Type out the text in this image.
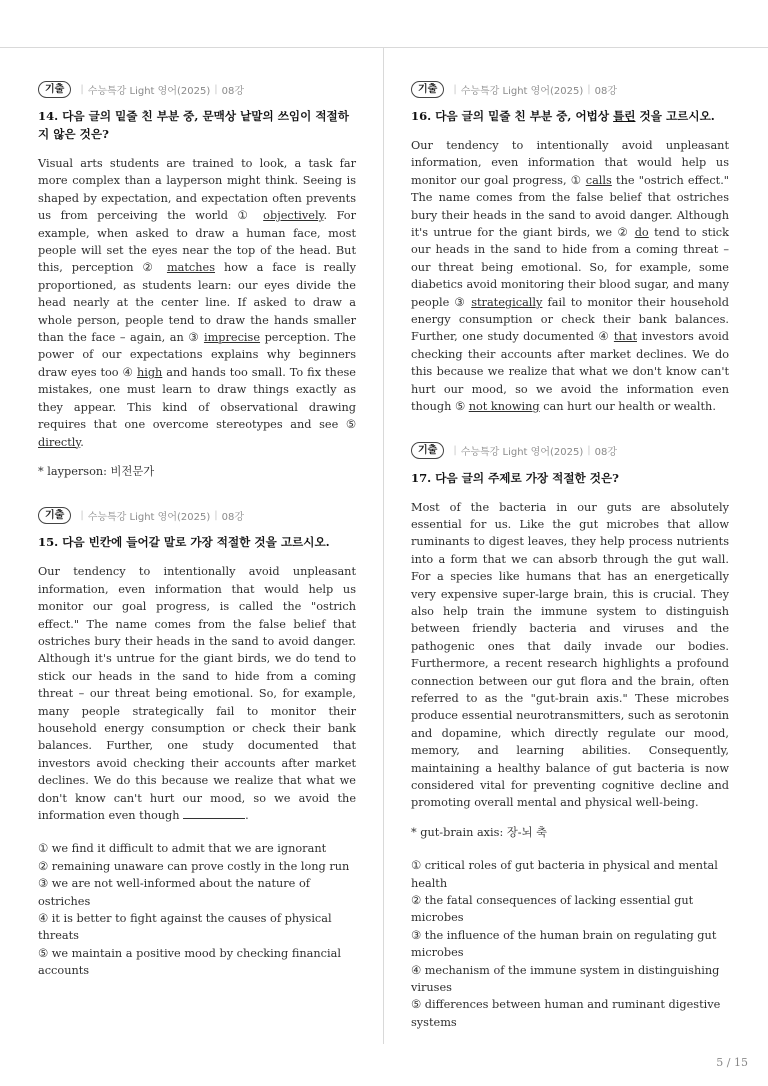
기출	| 수능특강 Light 영어(2025) | 08강
14. 다음 글의 밑줄 친 부분 중, 문맥상 낱말의 쓰임이 적절하지 않은 것은?

Visual arts students are trained to look, a task far more complex than a layperson might think. Seeing is shaped by expectation, and expectation often prevents us from perceiving the world ① objectively. For example, when asked to draw a human face, most people will set the eyes near the top of the head. But this, perception ② matches how a face is really proportioned, as students learn: our eyes divide the head nearly at the center line. If asked to draw a whole person, people tend to draw the hands smaller than the face – again, an ③ imprecise perception. The power of our expectations explains why beginners draw eyes too ④ high and hands too small. To fix these mistakes, one must learn to draw things exactly as they appear. This kind of observational drawing requires that one overcome stereotypes and see ⑤ directly.

* layperson: 비전문가
기출	| 수능특강 Light 영어(2025) | 08강
15. 다음 빈칸에 들어갈 말로 가장 적절한 것을 고르시오.

Our tendency to intentionally avoid unpleasant information, even information that would help us monitor our goal progress, is called the "ostrich effect." The name comes from the false belief that ostriches bury their heads in the sand to avoid danger. Although it's untrue for the giant birds, we do tend to stick our heads in the sand to hide from a coming threat – our threat being emotional. So, for example, many people strategically fail to monitor their household energy consumption or check their bank balances. Further, one study documented that investors avoid checking their accounts after market declines. We do this because we realize that what we don't know can't hurt our mood, so we avoid the information even though	.

① we find it difficult to admit that we are ignorant
② remaining unaware can prove costly in the long run
③ we are not well-informed about the nature of ostriches
④ it is better to fight against the causes of physical threats
⑤ we maintain a positive mood by checking financial accounts
기출	| 수능특강 Light 영어(2025) | 08강
16. 다음 글의 밑줄 친 부분 중, 어법상 틀린 것을 고르시오.

Our tendency to intentionally avoid unpleasant information, even information that would help us monitor our goal progress, ① calls the "ostrich effect." The name comes from the false belief that ostriches bury their heads in the sand to avoid danger. Although it's untrue for the giant birds, we ② do tend to stick our heads in the sand to hide from a coming threat – our threat being emotional. So, for example, some diabetics avoid monitoring their blood sugar, and many people ③ strategically fail to monitor their household energy consumption or check their bank balances. Further, one study documented ④ that investors avoid checking their accounts after market declines. We do this because we realize that what we don't know can't hurt our mood, so we avoid the information even though ⑤ not knowing can hurt our health or wealth.

기출	| 수능특강 Light 영어(2025) | 08강
17. 다음 글의 주제로 가장 적절한 것은?

Most of the bacteria in our guts are absolutely essential for us. Like the gut microbes that allow ruminants to digest leaves, they help process nutrients into a form that we can absorb through the gut wall. For a species like humans that has an energetically very expensive super-large brain, this is crucial. They also help train the immune system to distinguish between friendly bacteria and viruses and the pathogenic ones that daily invade our bodies. Furthermore, a recent research highlights a profound connection between our gut flora and the brain, often referred to as the "gut-brain axis." These microbes produce essential neurotransmitters, such as serotonin and dopamine, which directly regulate our mood, memory, and learning abilities. Consequently, maintaining a healthy balance of gut bacteria is now considered vital for preventing cognitive decline and promoting overall mental and physical well-being.

* gut-brain axis: 장-뇌 축
① critical roles of gut bacteria in physical and mental health
② the fatal consequences of lacking essential gut microbes
③ the influence of the human brain on regulating gut microbes
④ mechanism of the immune system in distinguishing viruses
⑤ differences between human and ruminant digestive systems
5 / 15
